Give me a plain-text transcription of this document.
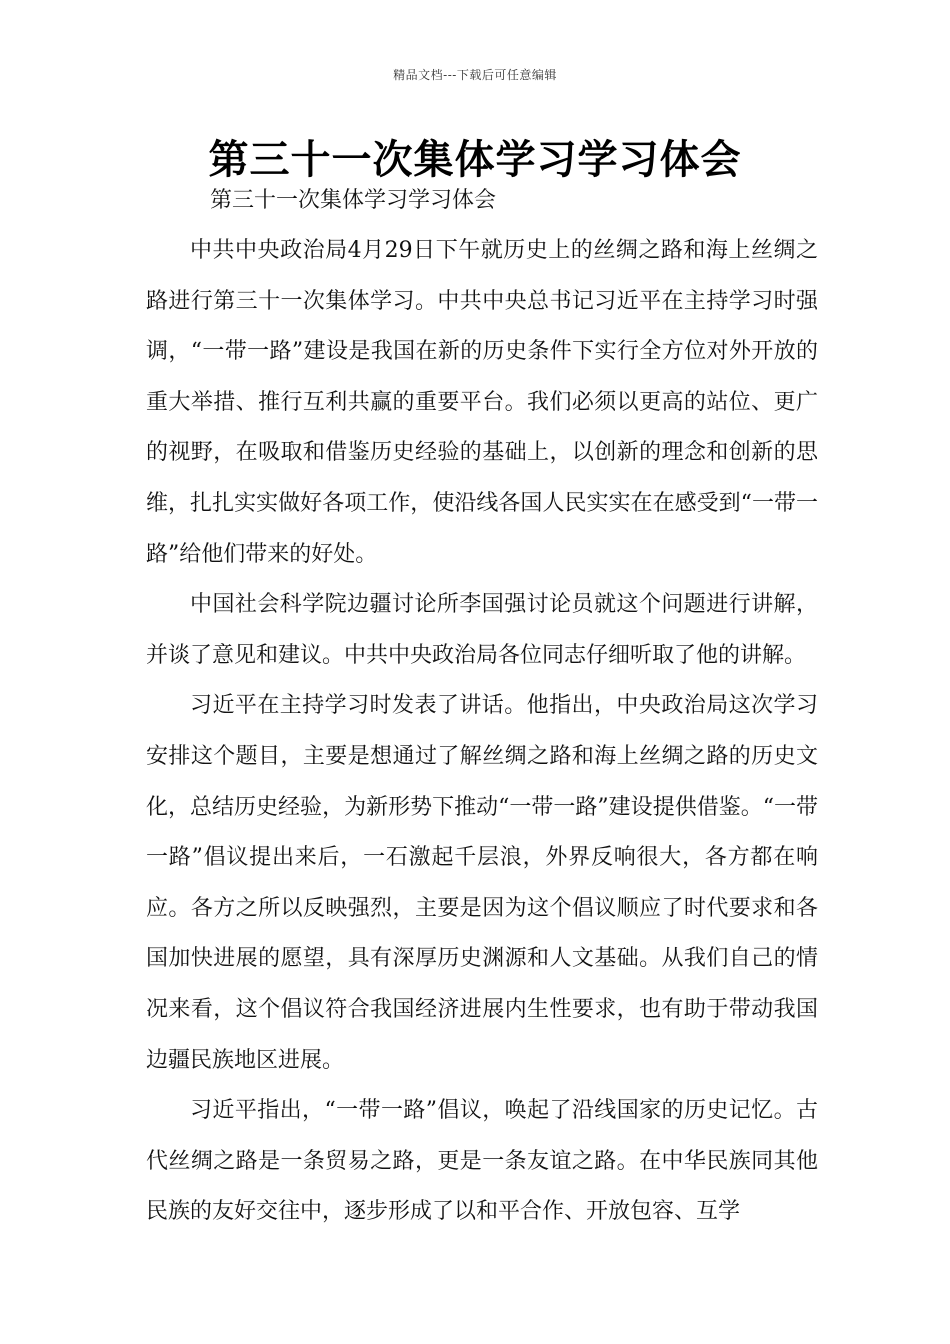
精品文档---下载后可任意编辑
第三十一次集体学习学习体会
第三十一次集体学习学习体会

中共中央政治局4月29日下午就历史上的丝绸之路和海上丝绸之路进行第三十一次集体学习。中共中央总书记习近平在主持学习时强调，“一带一路”建设是我国在新的历史条件下实行全方位对外开放的重大举措、推行互利共赢的重要平台。我们必须以更高的站位、更广的视野，在吸取和借鉴历史经验的基础上，以创新的理念和创新的思维，扎扎实实做好各项工作，使沿线各国人民实实在在感受到“一带一路”给他们带来的好处。

中国社会科学院边疆讨论所李国强讨论员就这个问题进行讲解，并谈了意见和建议。中共中央政治局各位同志仔细听取了他的讲解。

习近平在主持学习时发表了讲话。他指出，中央政治局这次学习安排这个题目，主要是想通过了解丝绸之路和海上丝绸之路的历史文化，总结历史经验，为新形势下推动“一带一路”建设提供借鉴。“一带一路”倡议提出来后，一石激起千层浪，外界反响很大，各方都在响应。各方之所以反映强烈，主要是因为这个倡议顺应了时代要求和各国加快进展的愿望，具有深厚历史渊源和人文基础。从我们自己的情况来看，这个倡议符合我国经济进展内生性要求，也有助于带动我国边疆民族地区进展。

习近平指出，“一带一路”倡议，唤起了沿线国家的历史记忆。古代丝绸之路是一条贸易之路，更是一条友谊之路。在中华民族同其他民族的友好交往中，逐步形成了以和平合作、开放包容、互学
